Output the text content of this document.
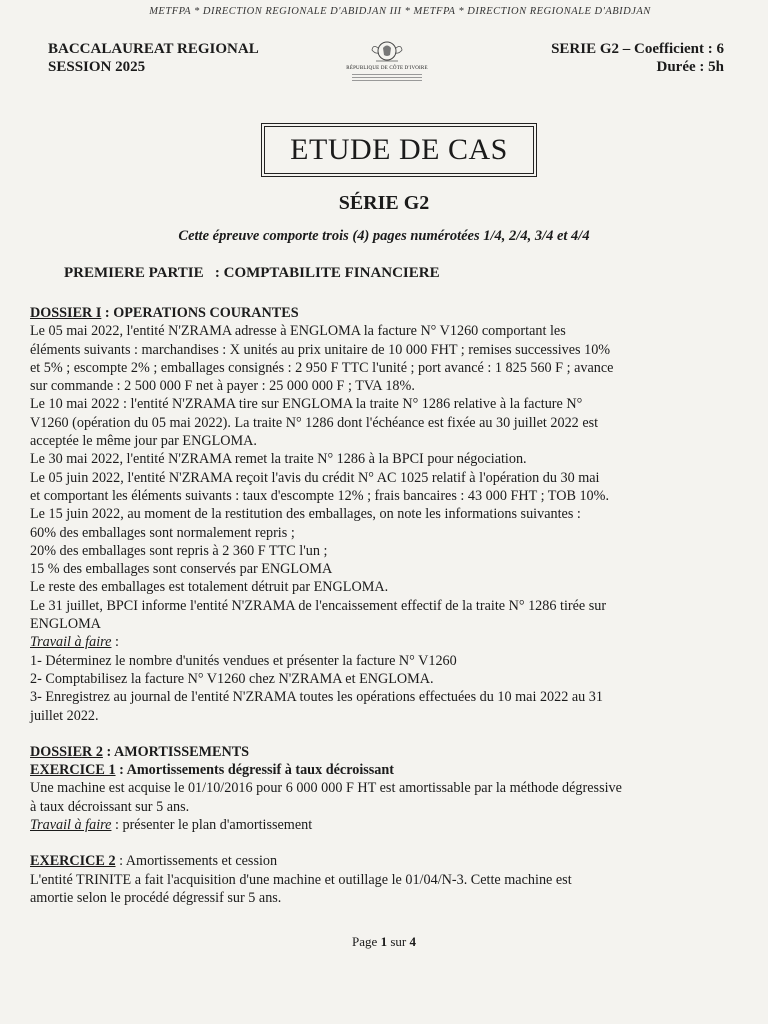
METFPA * DIRECTION REGIONALE D'ABIDJAN III * METFPA * DIRECTION REGIONALE D'ABIDJAN
BACCALAUREAT REGIONAL
SESSION 2025	RÉPUBLIQUE DE CÔTE D'IVOIRE
SERIE G2 – Coefficient : 6
Durée : 5h
ETUDE DE CAS
SÉRIE G2
Cette épreuve comporte trois (4) pages numérotées 1/4, 2/4, 3/4 et 4/4
PREMIERE PARTIE   : COMPTABILITE FINANCIERE

DOSSIER I : OPERATIONS COURANTES

Le 05 mai 2022, l'entité N'ZRAMA adresse à ENGLOMA la facture N° V1260 comportant les

éléments suivants : marchandises : X unités au prix unitaire de 10 000 FHT ; remises successives 10%

et 5% ; escompte 2% ; emballages consignés : 2 950 F TTC l'unité ; port avancé : 1 825 560 F ; avance

sur commande : 2 500 000 F net à payer : 25 000 000 F ; TVA 18%.

Le 10 mai 2022 : l'entité N'ZRAMA tire sur ENGLOMA la traite N° 1286 relative à la facture N°

V1260 (opération du 05 mai 2022). La traite N° 1286 dont l'échéance est fixée au 30 juillet 2022 est

acceptée le même jour par ENGLOMA.

Le 30 mai 2022, l'entité N'ZRAMA remet la traite N° 1286 à la BPCI pour négociation.

Le 05 juin 2022, l'entité N'ZRAMA reçoit l'avis du crédit N° AC 1025 relatif à l'opération du 30 mai

et comportant les éléments suivants : taux d'escompte 12% ; frais bancaires : 43 000 FHT ; TOB 10%.

Le 15 juin 2022, au moment de la restitution des emballages, on note les informations suivantes :

60% des emballages sont normalement repris ;

20% des emballages sont repris à 2 360 F TTC l'un ;

15 % des emballages sont conservés par ENGLOMA

Le reste des emballages est totalement détruit par ENGLOMA.

Le 31 juillet, BPCI informe l'entité N'ZRAMA de l'encaissement effectif de la traite N° 1286 tirée sur

ENGLOMA

Travail à faire :

1- Déterminez le nombre d'unités vendues et présenter la facture N° V1260

2- Comptabilisez la facture N° V1260 chez N'ZRAMA et ENGLOMA.

3- Enregistrez au journal de l'entité N'ZRAMA toutes les opérations effectuées du 10 mai 2022 au 31

juillet 2022.

DOSSIER 2 : AMORTISSEMENTS

EXERCICE 1 : Amortissements dégressif à taux décroissant

Une machine est acquise le 01/10/2016 pour 6 000 000 F HT est amortissable par la méthode dégressive

à taux décroissant sur 5 ans.

Travail à faire : présenter le plan d'amortissement

EXERCICE 2 : Amortissements et cession

L'entité TRINITE a fait l'acquisition d'une machine et outillage le 01/04/N-3. Cette machine est

amortie selon le procédé dégressif sur 5 ans.

Page 1 sur 4
